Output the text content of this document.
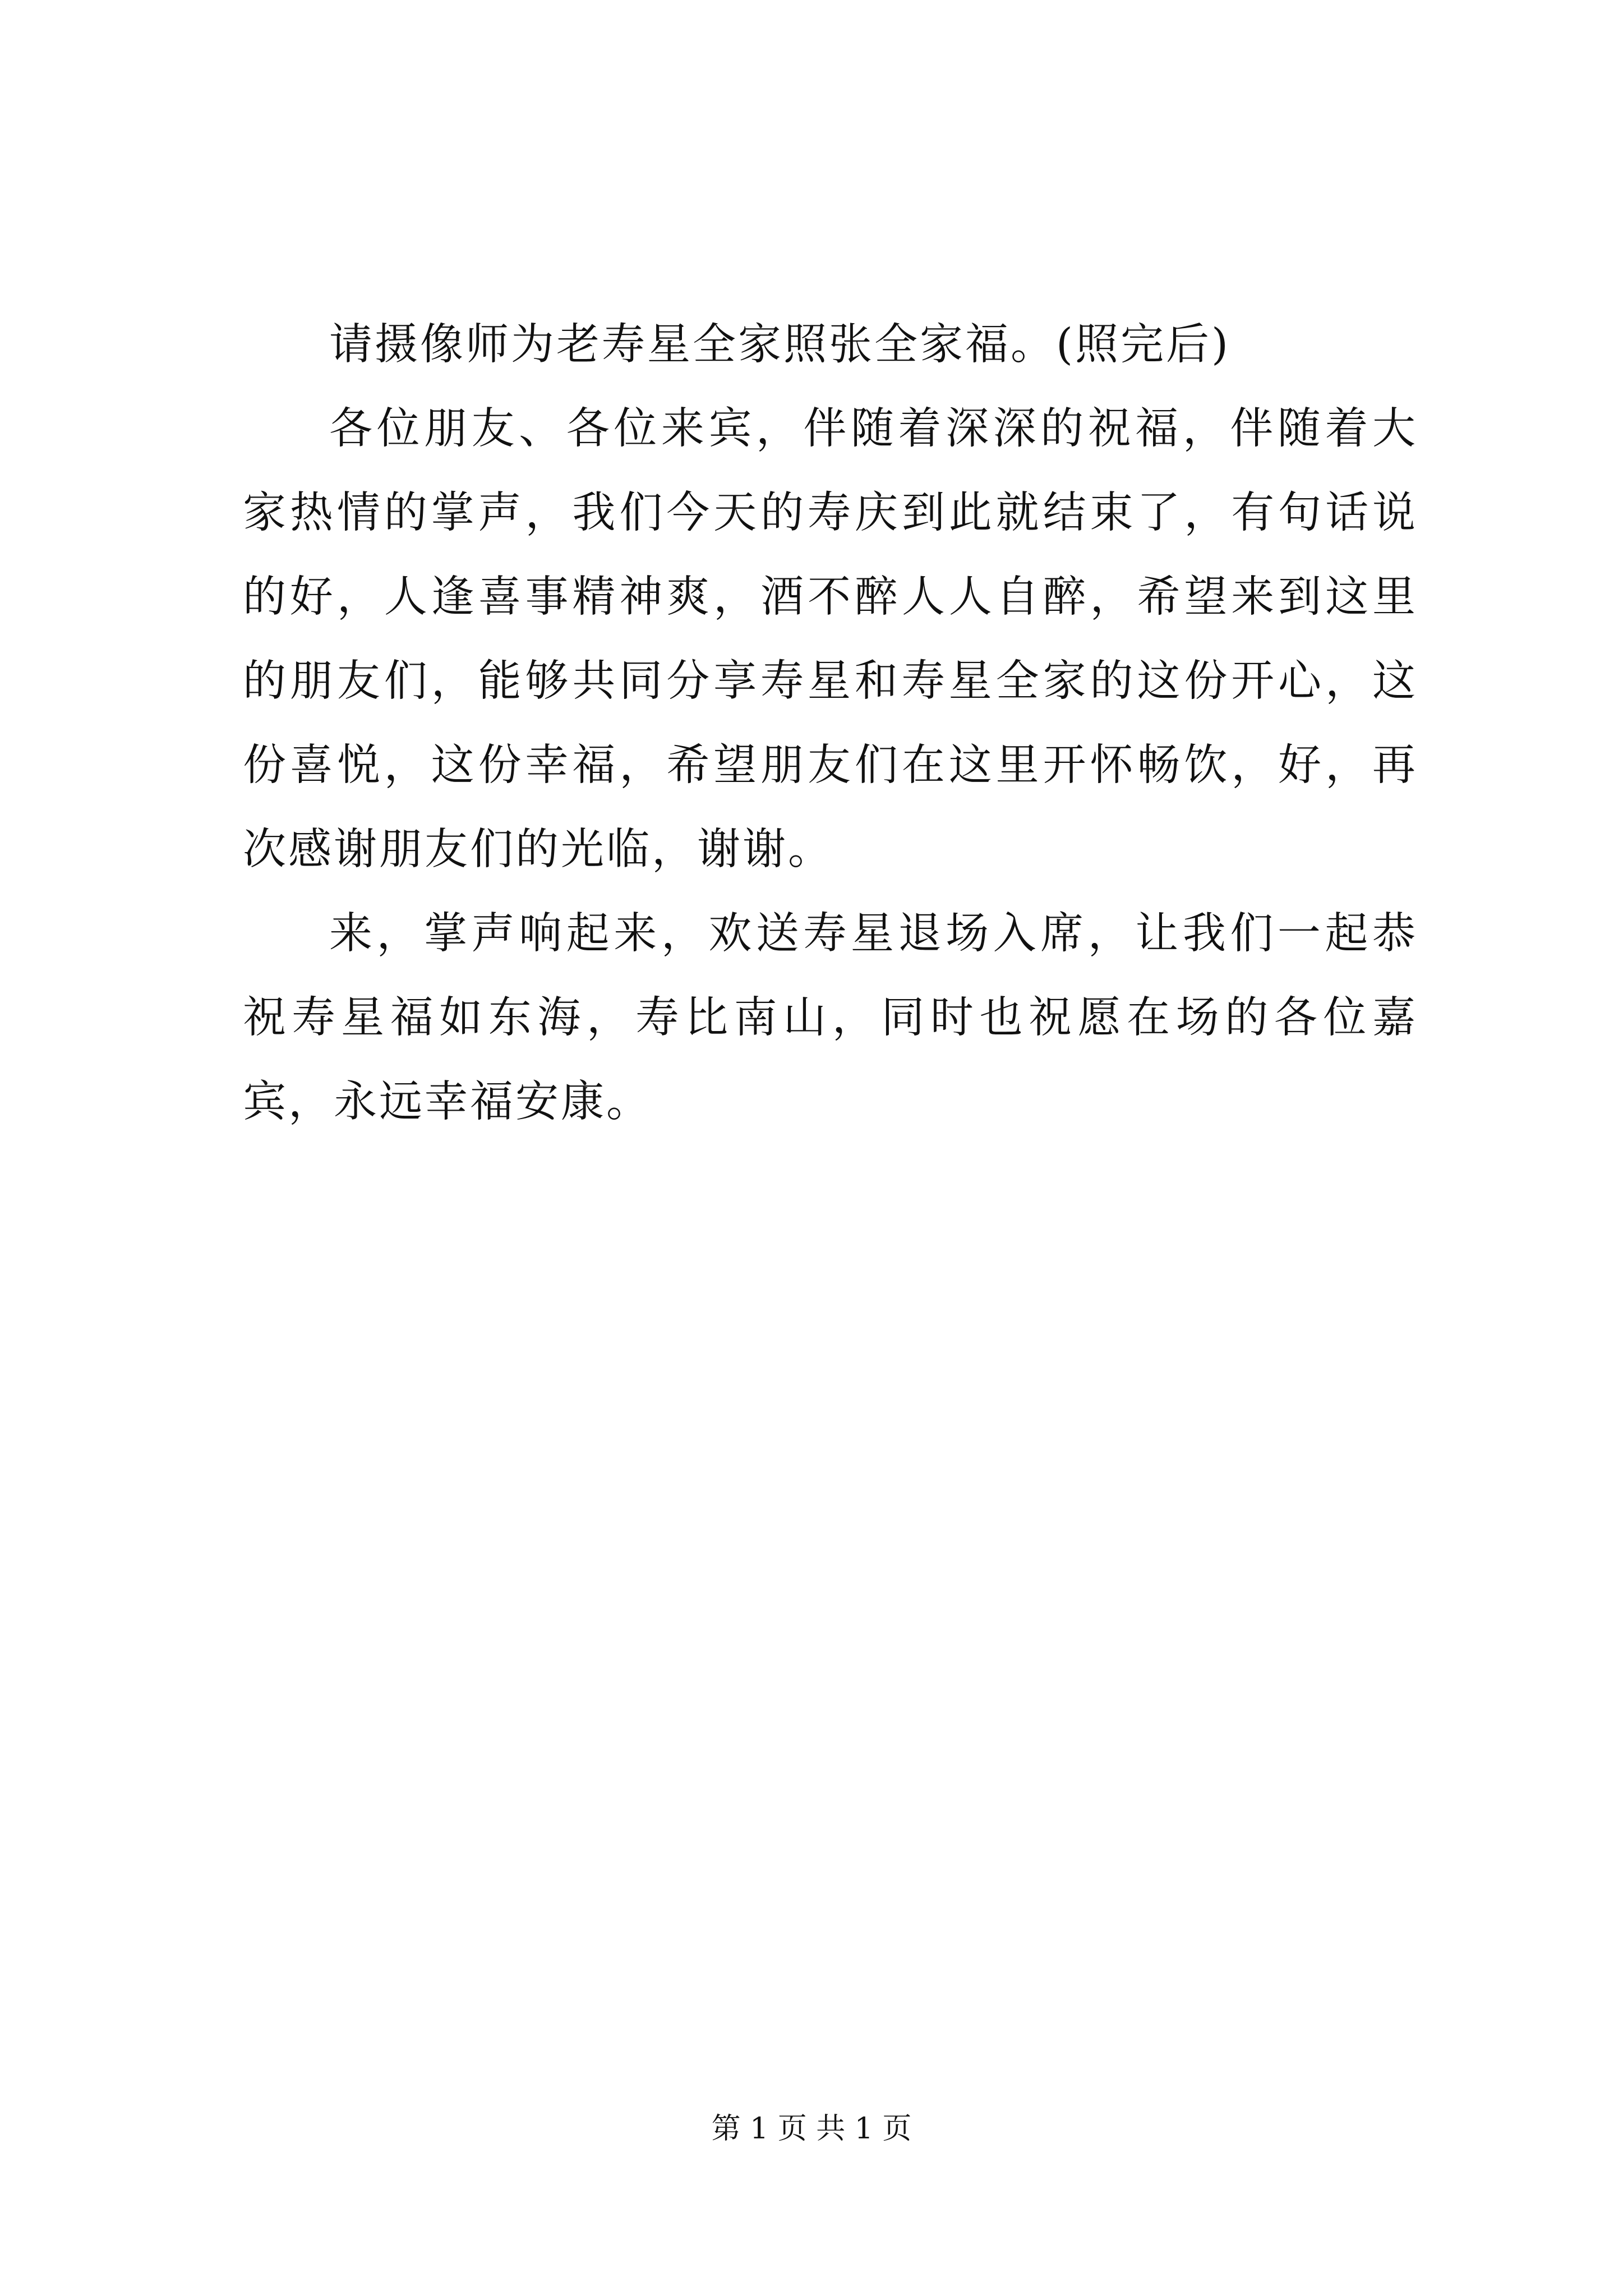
请摄像师为老寿星全家照张全家福。(照完后)

各位朋友、各位来宾，伴随着深深的祝福，伴随着大家热情的掌声，我们今天的寿庆到此就结束了，有句话说的好，人逢喜事精神爽，酒不醉人人自醉，希望来到这里的朋友们，能够共同分享寿星和寿星全家的这份开心，这份喜悦，这份幸福，希望朋友们在这里开怀畅饮，好，再次感谢朋友们的光临，谢谢。

来，掌声响起来，欢送寿星退场入席，让我们一起恭祝寿星福如东海，寿比南山，同时也祝愿在场的各位嘉宾，永远幸福安康。

第 1 页 共 1 页
